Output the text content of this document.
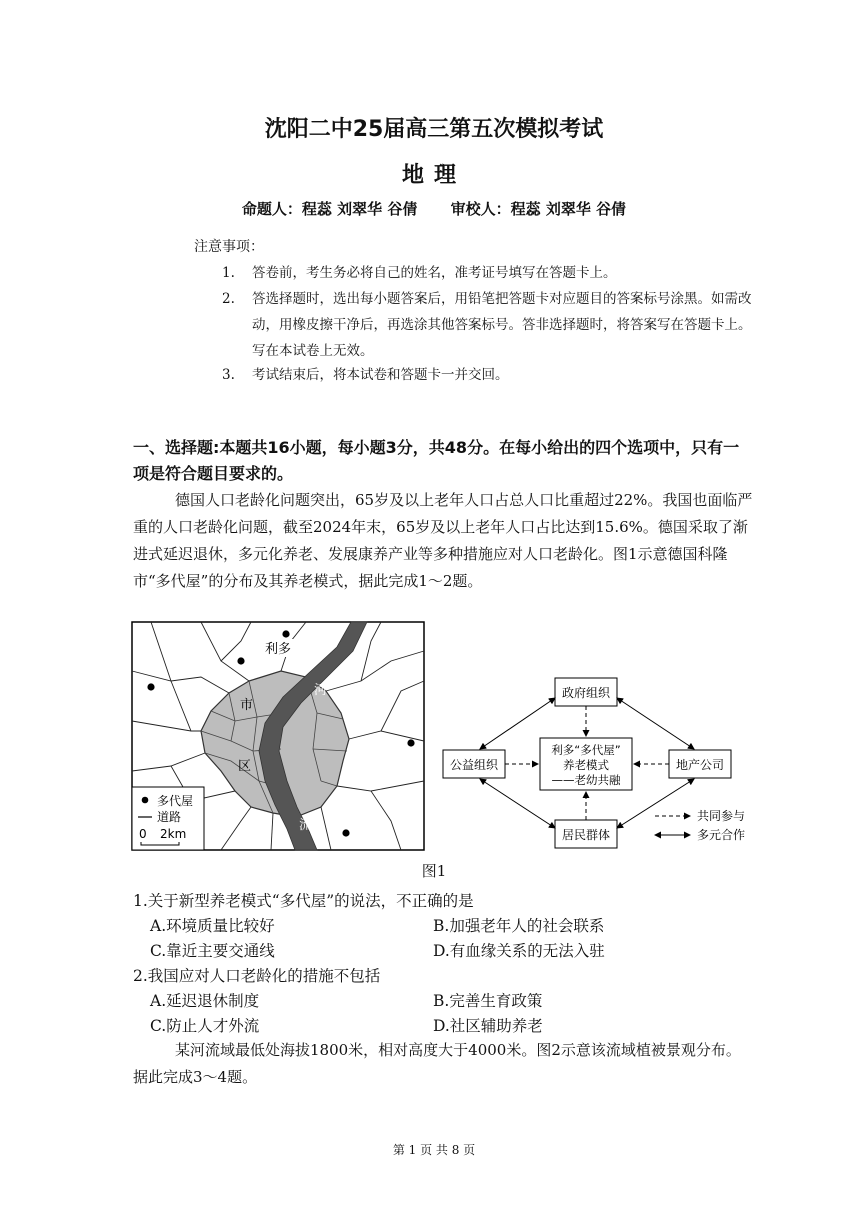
沈阳二中25届高三第五次模拟考试
地理
命题人：程蕊 刘翠华 谷倩 审校人：程蕊 刘翠华 谷倩
注意事项：
1. 答卷前，考生务必将自己的姓名，准考证号填写在答题卡上。
2. 答选择题时，选出每小题答案后，用铅笔把答题卡对应题目的答案标号涂黑。如需改动，用橡皮擦干净后，再选涂其他答案标号。答非选择题时，将答案写在答题卡上。写在本试卷上无效。
3. 考试结束后，将本试卷和答题卡一并交回。
一、选择题:本题共16小题，每小题3分，共48分。在每小给出的四个选项中，只有一项是符合题目要求的。
德国人口老龄化问题突出，65岁及以上老年人口占总人口比重超过22%。我国也面临严重的人口老龄化问题，截至2024年末，65岁及以上老年人口占比达到15.6%。德国采取了渐进式延迟退休，多元化养老、发展康养产业等多种措施应对人口老龄化。图1示意德国科隆市“多代屋”的分布及其养老模式，据此完成1～2题。
利多
市
区
河
流
多代屋
道路
0 2km
政府组织
公益组织	地产公司
居民群体
利多“多代屋”
养老模式
——老幼共融
共同参与
多元合作
图1
1.关于新型养老模式“多代屋”的说法，不正确的是
A.环境质量比较好	B.加强老年人的社会联系
C.靠近主要交通线	D.有血缘关系的无法入驻
2.我国应对人口老龄化的措施不包括
A.延迟退休制度	B.完善生育政策
C.防止人才外流	D.社区辅助养老
某河流域最低处海拔1800米，相对高度大于4000米。图2示意该流域植被景观分布。据此完成3～4题。
第 1 页 共 8 页
